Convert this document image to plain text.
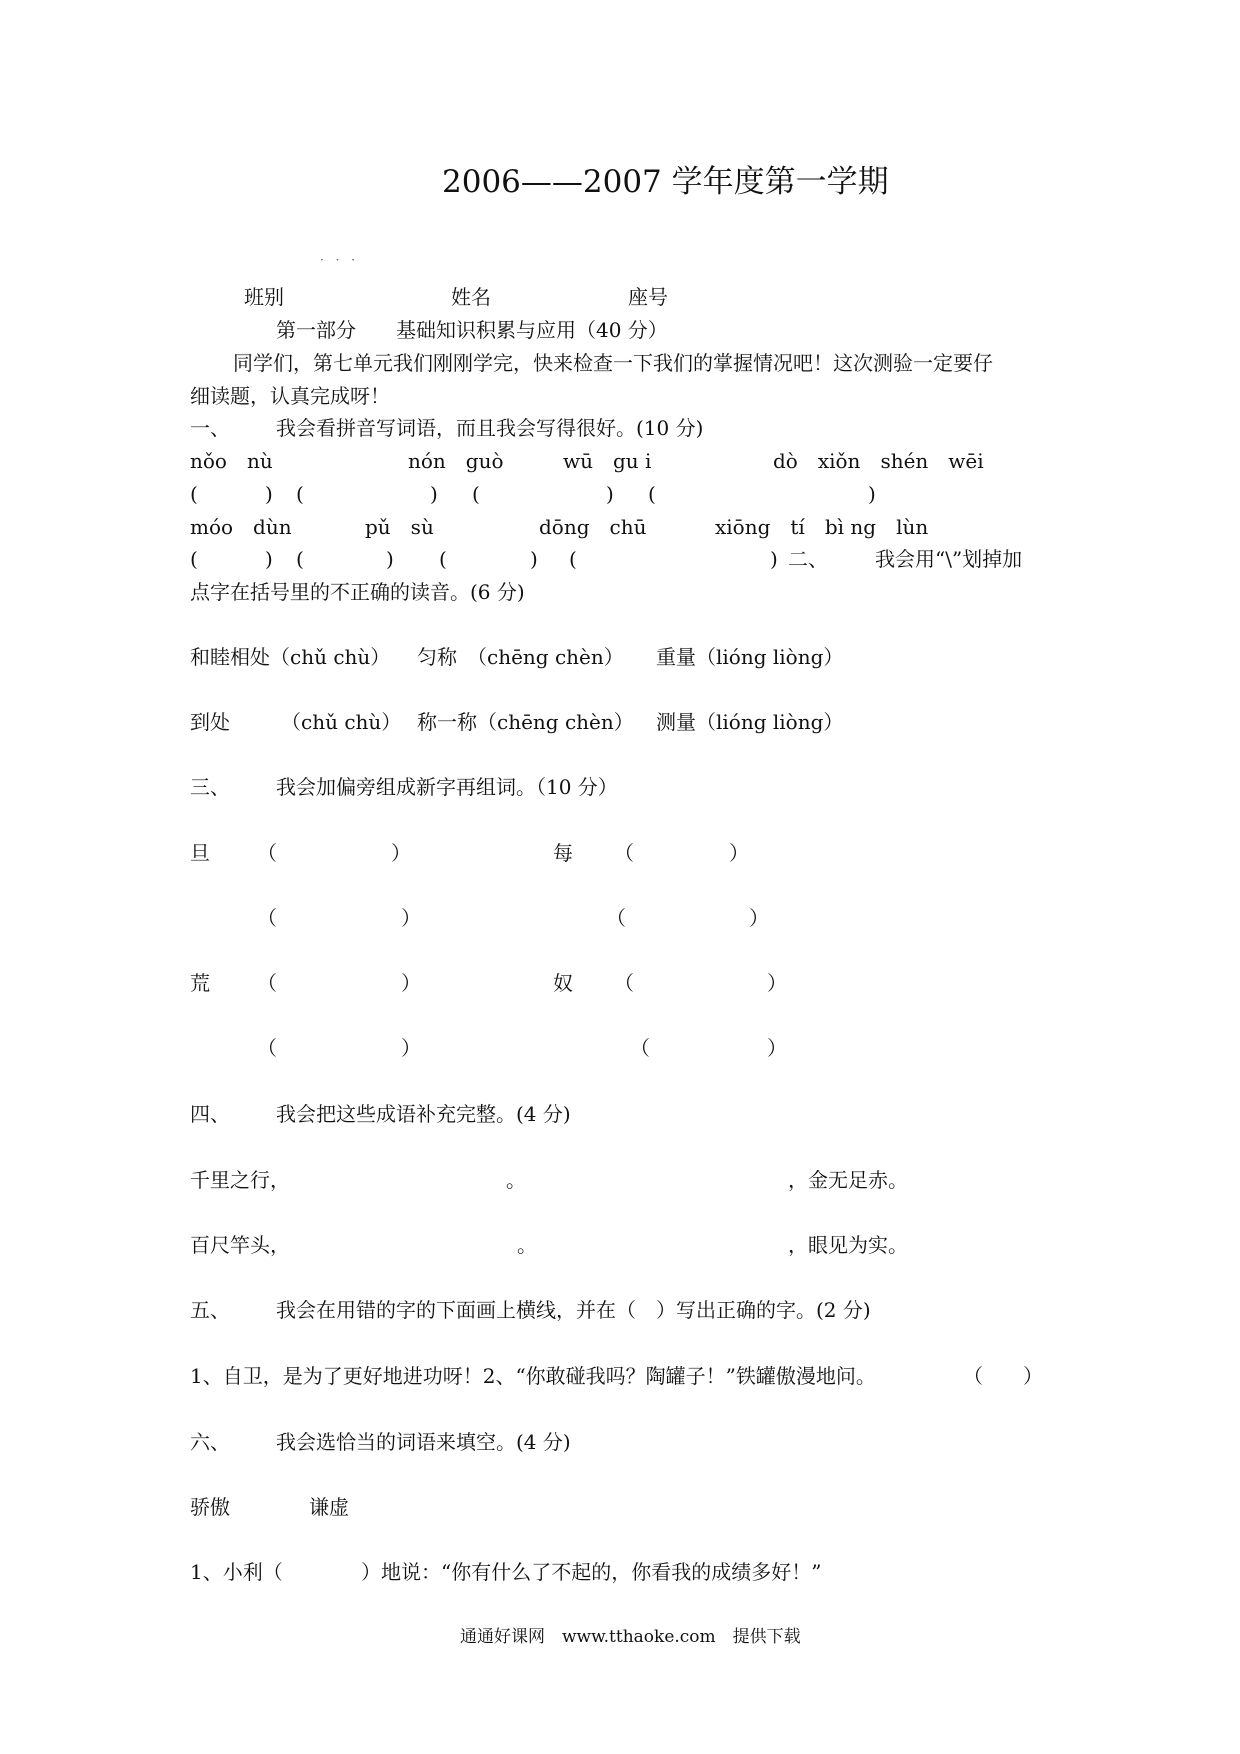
2006——2007 学年度第一学期
· · ·
班别	姓名	座号
第一部分　　基础知识积累与应用（40 分）
同学们，第七单元我们刚刚学完，快来检查一下我们的掌握情况吧！这次测验一定要仔
细读题，认真完成呀！
一、 我会看拼音写词语，而且我会写得很好。(10 分)
nǒo　nù	nón　guò	wū　gu i	dò　xiǒn　shén　wēi
(	) (	) (	) (	)
móo　dùn	pǔ　sù	dōng　chū	xiōng　tí　bì ng　lùn
(	) (	) (	) (	) 二、 我会用“\”划掉加
点字在括号里的不正确的读音。(6 分)
和睦相处（chǔ chù） 匀称　（chēng chèn） 重量（lióng liòng）
到处	（chǔ chù） 称一称（chēng chèn） 测量（lióng liòng）
三、 我会加偏旁组成新字再组词。（10 分）
旦 （	）	每 （	）
（	）	（	）
荒 （	）	奴 （	）
（	）	（	）
四、 我会把这些成语补充完整。(4 分)
千里之行，	。	，金无足赤。
百尺竿头，	。	，眼见为实。
五、 我会在用错的字的下面画上横线，并在（　）写出正确的字。(2 分)
1、自卫，是为了更好地进功呀！2、“你敢碰我吗？陶罐子！”铁罐傲漫地问。	（　　）
六、 我会选恰当的词语来填空。(4 分)
骄傲	谦虚
1、小利（	）地说：“你有什么了不起的，你看我的成绩多好！”
通通好课网　www.tthaoke.com　提供下载
